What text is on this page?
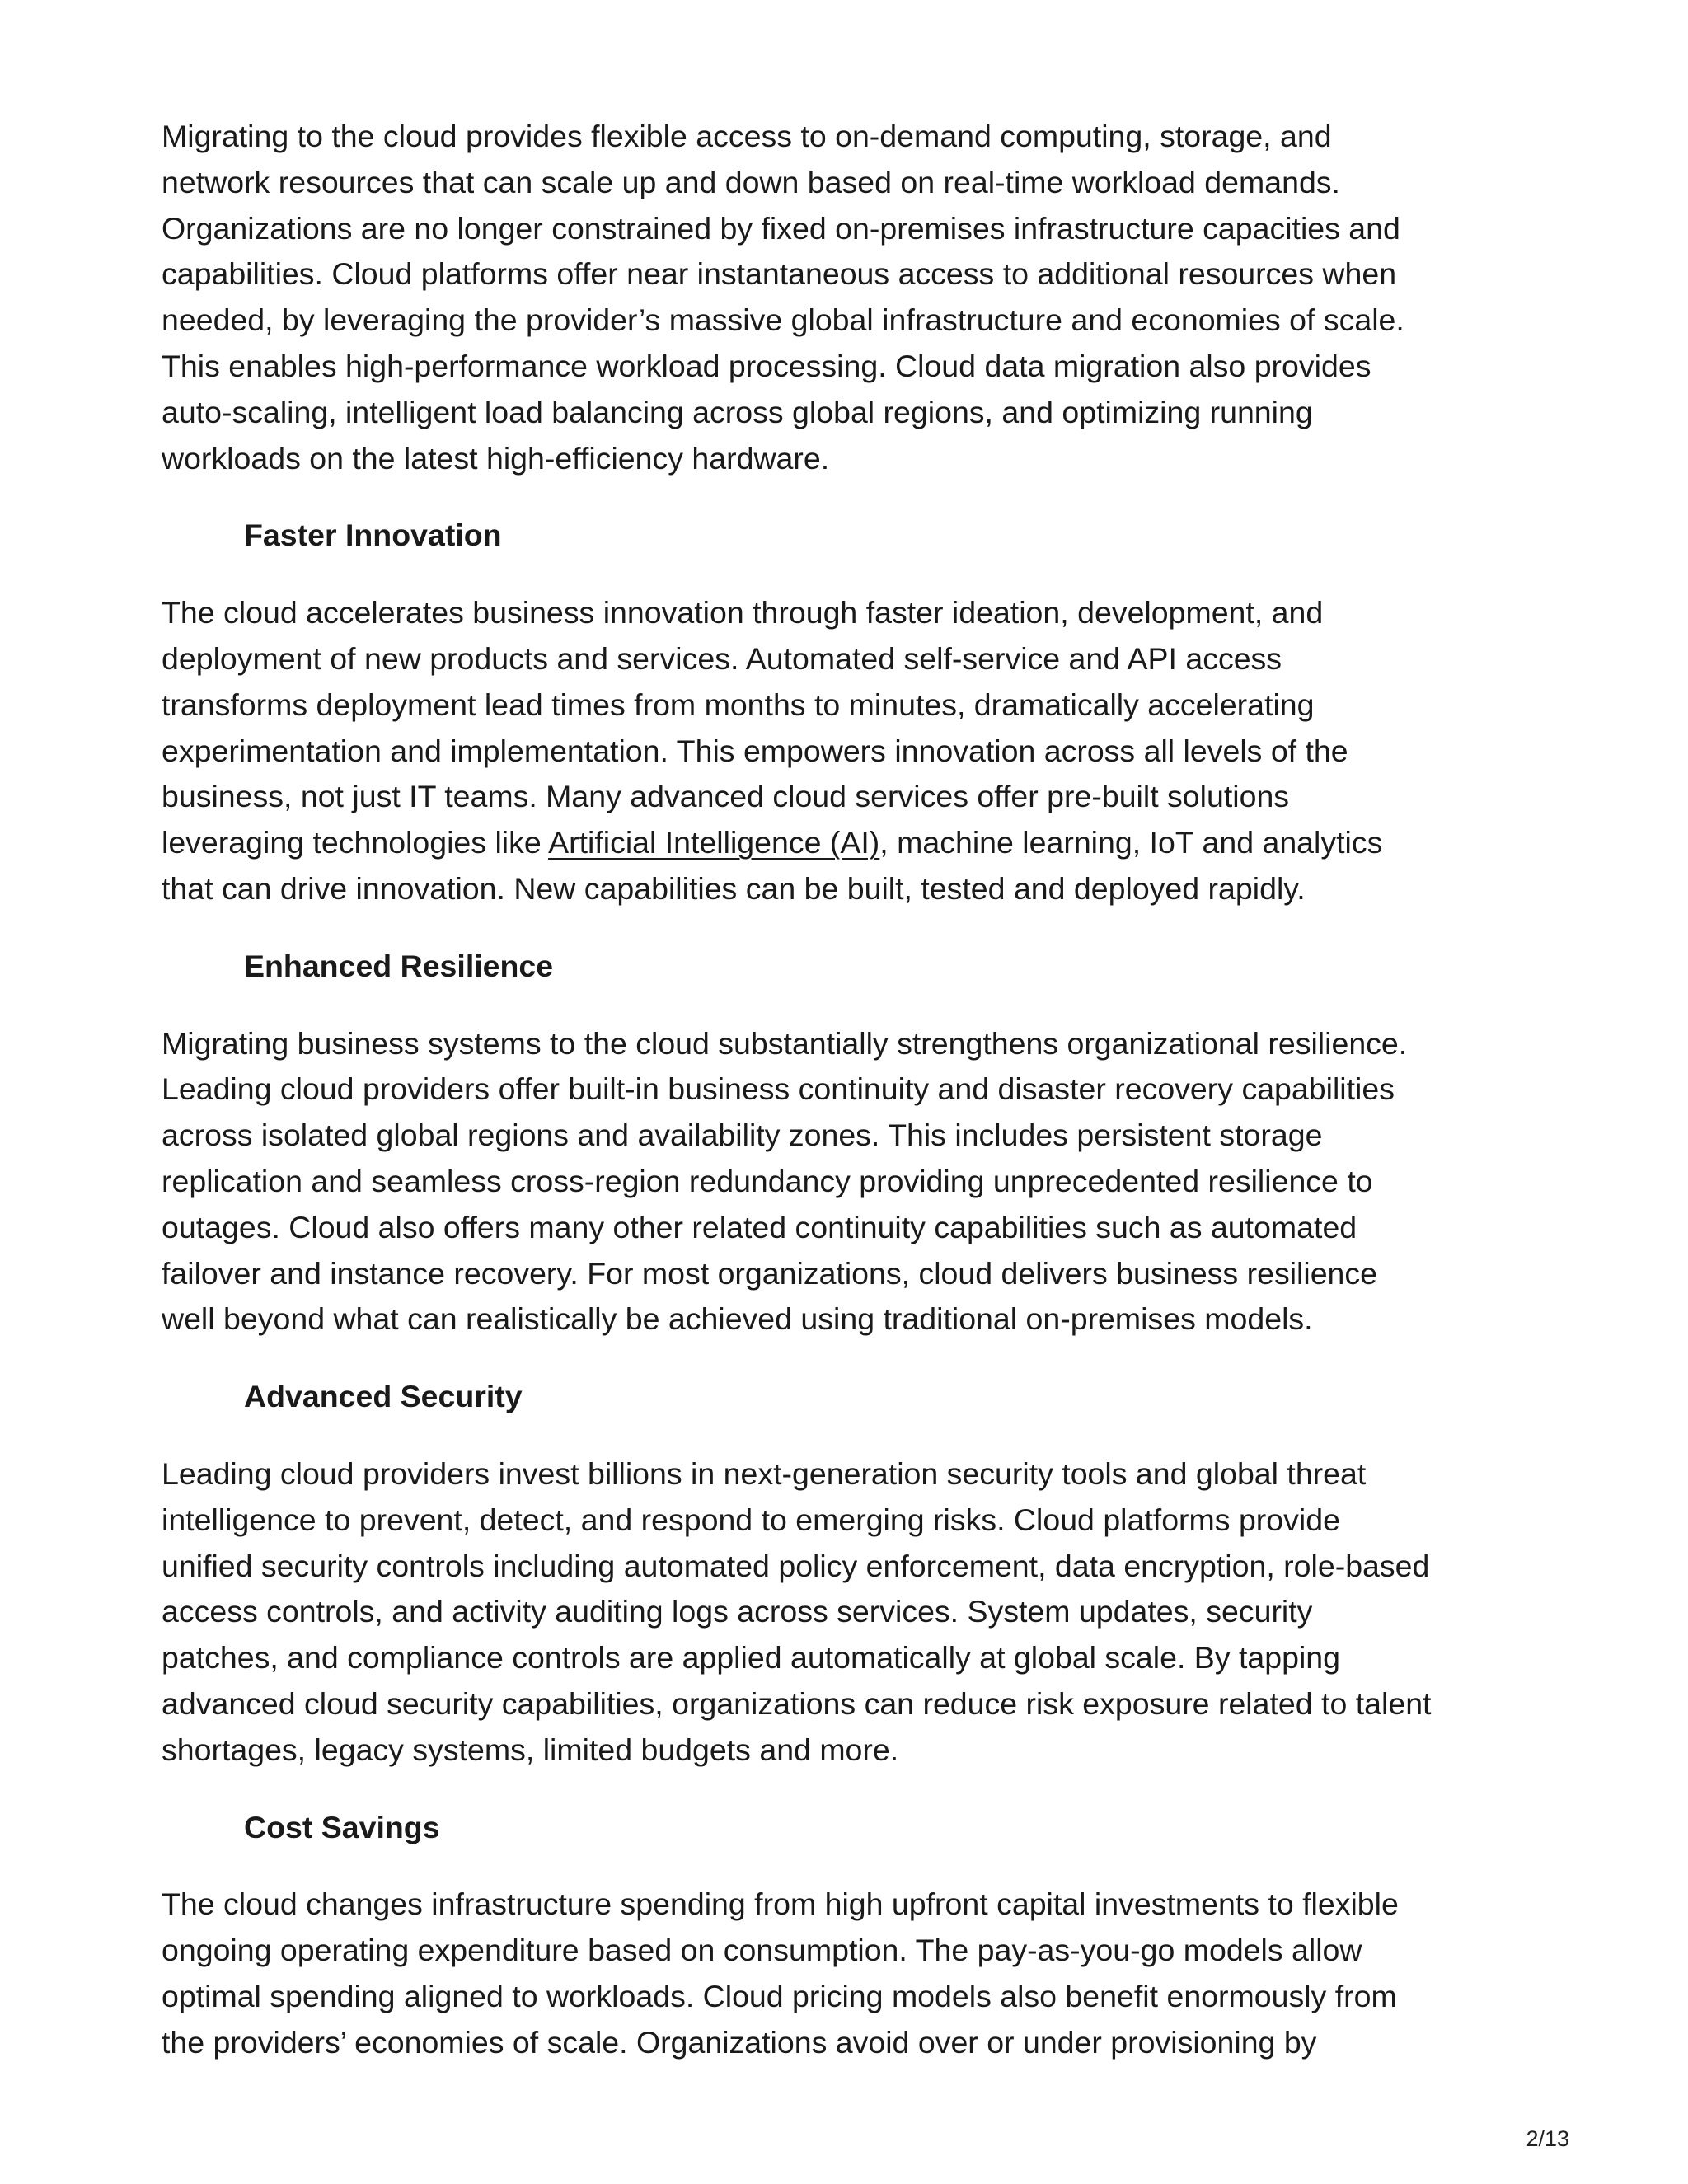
Migrating to the cloud provides flexible access to on-demand computing, storage, and
network resources that can scale up and down based on real-time workload demands.
Organizations are no longer constrained by fixed on-premises infrastructure capacities and
capabilities. Cloud platforms offer near instantaneous access to additional resources when
needed, by leveraging the provider’s massive global infrastructure and economies of scale.
This enables high-performance workload processing. Cloud data migration also provides
auto-scaling, intelligent load balancing across global regions, and optimizing running
workloads on the latest high-efficiency hardware.

Faster Innovation

The cloud accelerates business innovation through faster ideation, development, and
deployment of new products and services. Automated self-service and API access
transforms deployment lead times from months to minutes, dramatically accelerating
experimentation and implementation. This empowers innovation across all levels of the
business, not just IT teams. Many advanced cloud services offer pre-built solutions
leveraging technologies like Artificial Intelligence (AI), machine learning, IoT and analytics
that can drive innovation. New capabilities can be built, tested and deployed rapidly.

Enhanced Resilience

Migrating business systems to the cloud substantially strengthens organizational resilience.
Leading cloud providers offer built-in business continuity and disaster recovery capabilities
across isolated global regions and availability zones. This includes persistent storage
replication and seamless cross-region redundancy providing unprecedented resilience to
outages. Cloud also offers many other related continuity capabilities such as automated
failover and instance recovery. For most organizations, cloud delivers business resilience
well beyond what can realistically be achieved using traditional on-premises models.

Advanced Security

Leading cloud providers invest billions in next-generation security tools and global threat
intelligence to prevent, detect, and respond to emerging risks. Cloud platforms provide
unified security controls including automated policy enforcement, data encryption, role-based
access controls, and activity auditing logs across services. System updates, security
patches, and compliance controls are applied automatically at global scale. By tapping
advanced cloud security capabilities, organizations can reduce risk exposure related to talent
shortages, legacy systems, limited budgets and more.

Cost Savings

The cloud changes infrastructure spending from high upfront capital investments to flexible
ongoing operating expenditure based on consumption. The pay-as-you-go models allow
optimal spending aligned to workloads. Cloud pricing models also benefit enormously from
the providers’ economies of scale. Organizations avoid over or under provisioning by

2/13
